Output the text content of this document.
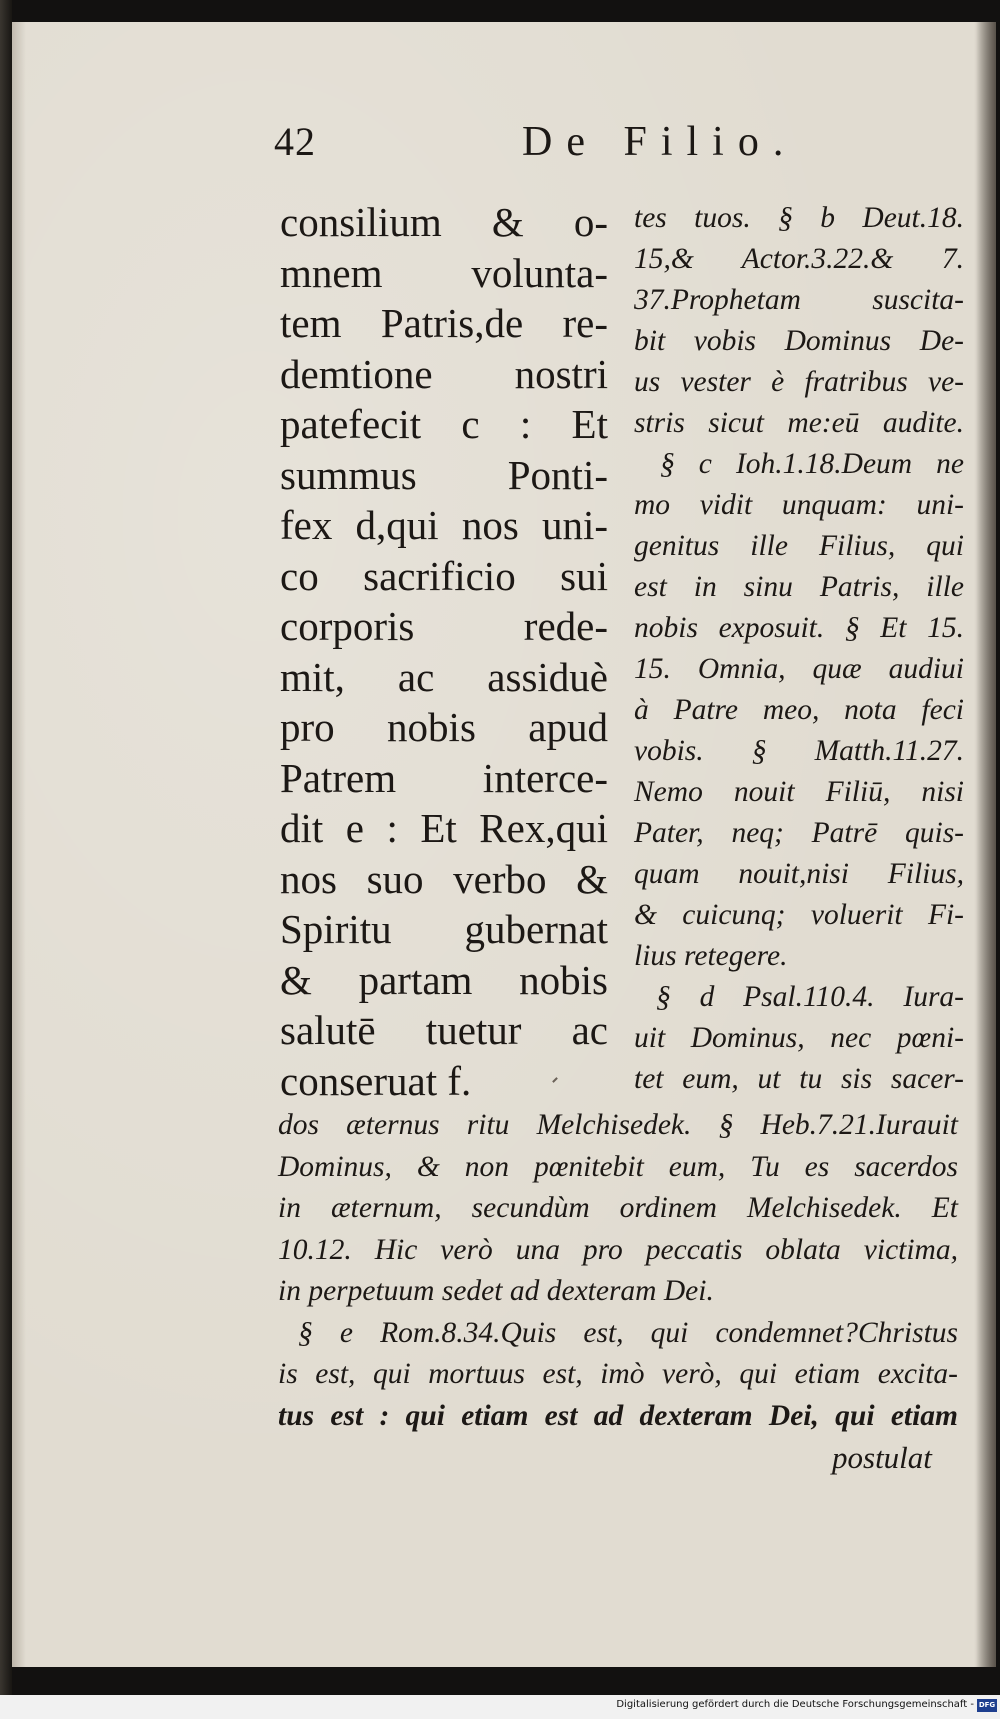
42	De Filio.
consilium & o-
mnem volunta-
tem Patris,de re-
demtione nostri
patefecit c : Et
summus Ponti-
fex d,qui nos uni-
co sacrificio sui
corporis rede-
mit, ac assiduè
pro nobis apud
Patrem interce-
dit e : Et Rex,qui
nos suo verbo &
Spiritu gubernat
& partam nobis
salutē tuetur ac
conseruat f.
tes tuos. § b Deut.18.
15,& Actor.3.22.& 7.
37.Prophetam suscita-
bit vobis Dominus De-
us vester è fratribus ve-
stris sicut me:eū audite.
§ c Ioh.1.18.Deum ne
mo vidit unquam: uni-
genitus ille Filius, qui
est in sinu Patris, ille
nobis exposuit. § Et 15.
15. Omnia, quæ audiui
à Patre meo, nota feci
vobis. § Matth.11.27.
Nemo nouit Filiū, nisi
Pater, neq; Patrē quis-
quam nouit,nisi Filius,
& cuicunq; voluerit Fi-
lius retegere.
§ d Psal.110.4. Iura-
uit Dominus, nec pœni-
tet eum, ut tu sis sacer-
dos æternus ritu Melchisedek. § Heb.7.21.Iurauit
Dominus, & non pœnitebit eum, Tu es sacerdos
in æternum, secundùm ordinem Melchisedek. Et
10.12. Hic verò una pro peccatis oblata victima,
in perpetuum sedet ad dexteram Dei.
§ e Rom.8.34.Quis est, qui condemnet?Christus
is est, qui mortuus est, imò verò, qui etiam excita-
tus est : qui etiam est ad dexteram Dei, qui etiam
postulat
Digitalisierung gefördert durch die Deutsche Forschungsgemeinschaft - DFG
